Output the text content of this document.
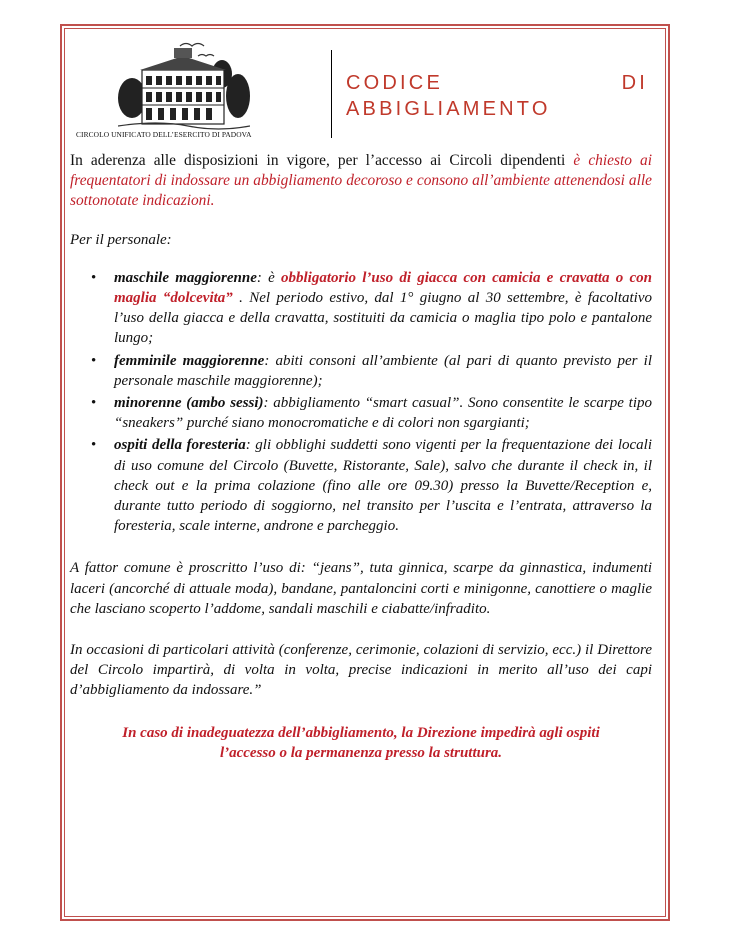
CIRCOLO UNIFICATO DELL’ESERCITO DI PADOVA
CODICE	DI
ABBIGLIAMENTO

In aderenza alle disposizioni in vigore, per l’accesso ai Circoli dipendenti è chiesto ai frequentatori di indossare un abbigliamento decoroso e consono all’ambiente attenendosi alle sottonotate indicazioni.

Per il personale:

• maschile maggiorenne: è obbligatorio l’uso di giacca con camicia e cravatta o con maglia “dolcevita” . Nel periodo estivo, dal 1° giugno al 30 settembre, è facoltativo l’uso della giacca e della cravatta, sostituiti da camicia o maglia tipo polo e pantalone lungo;
• femminile maggiorenne: abiti consoni all’ambiente (al pari di quanto previsto per il personale maschile maggiorenne);
• minorenne (ambo sessi): abbigliamento “smart casual”. Sono consentite le scarpe tipo “sneakers” purché siano monocromatiche e di colori non sgargianti;
• ospiti della foresteria: gli obblighi suddetti sono vigenti per la frequentazione dei locali di uso comune del Circolo (Buvette, Ristorante, Sale), salvo che durante il check in, il check out e la prima colazione (fino alle ore 09.30) presso la Buvette/Reception e, durante tutto periodo di soggiorno, nel transito per l’uscita e l’entrata, attraverso la foresteria, scale interne, androne e parcheggio.

A fattor comune è proscritto l’uso di: “jeans”, tuta ginnica, scarpe da ginnastica, indumenti laceri (ancorché di attuale moda), bandane, pantaloncini corti e minigonne, canottiere o maglie che lasciano scoperto l’addome, sandali maschili e ciabatte/infradito.

In occasioni di particolari attività (conferenze, cerimonie, colazioni di servizio, ecc.) il Direttore del Circolo impartirà, di volta in volta, precise indicazioni in merito all’uso dei capi d’abbigliamento da indossare.”

In caso di inadeguatezza dell’abbigliamento, la Direzione impedirà agli ospiti
l’accesso o la permanenza presso la struttura.
